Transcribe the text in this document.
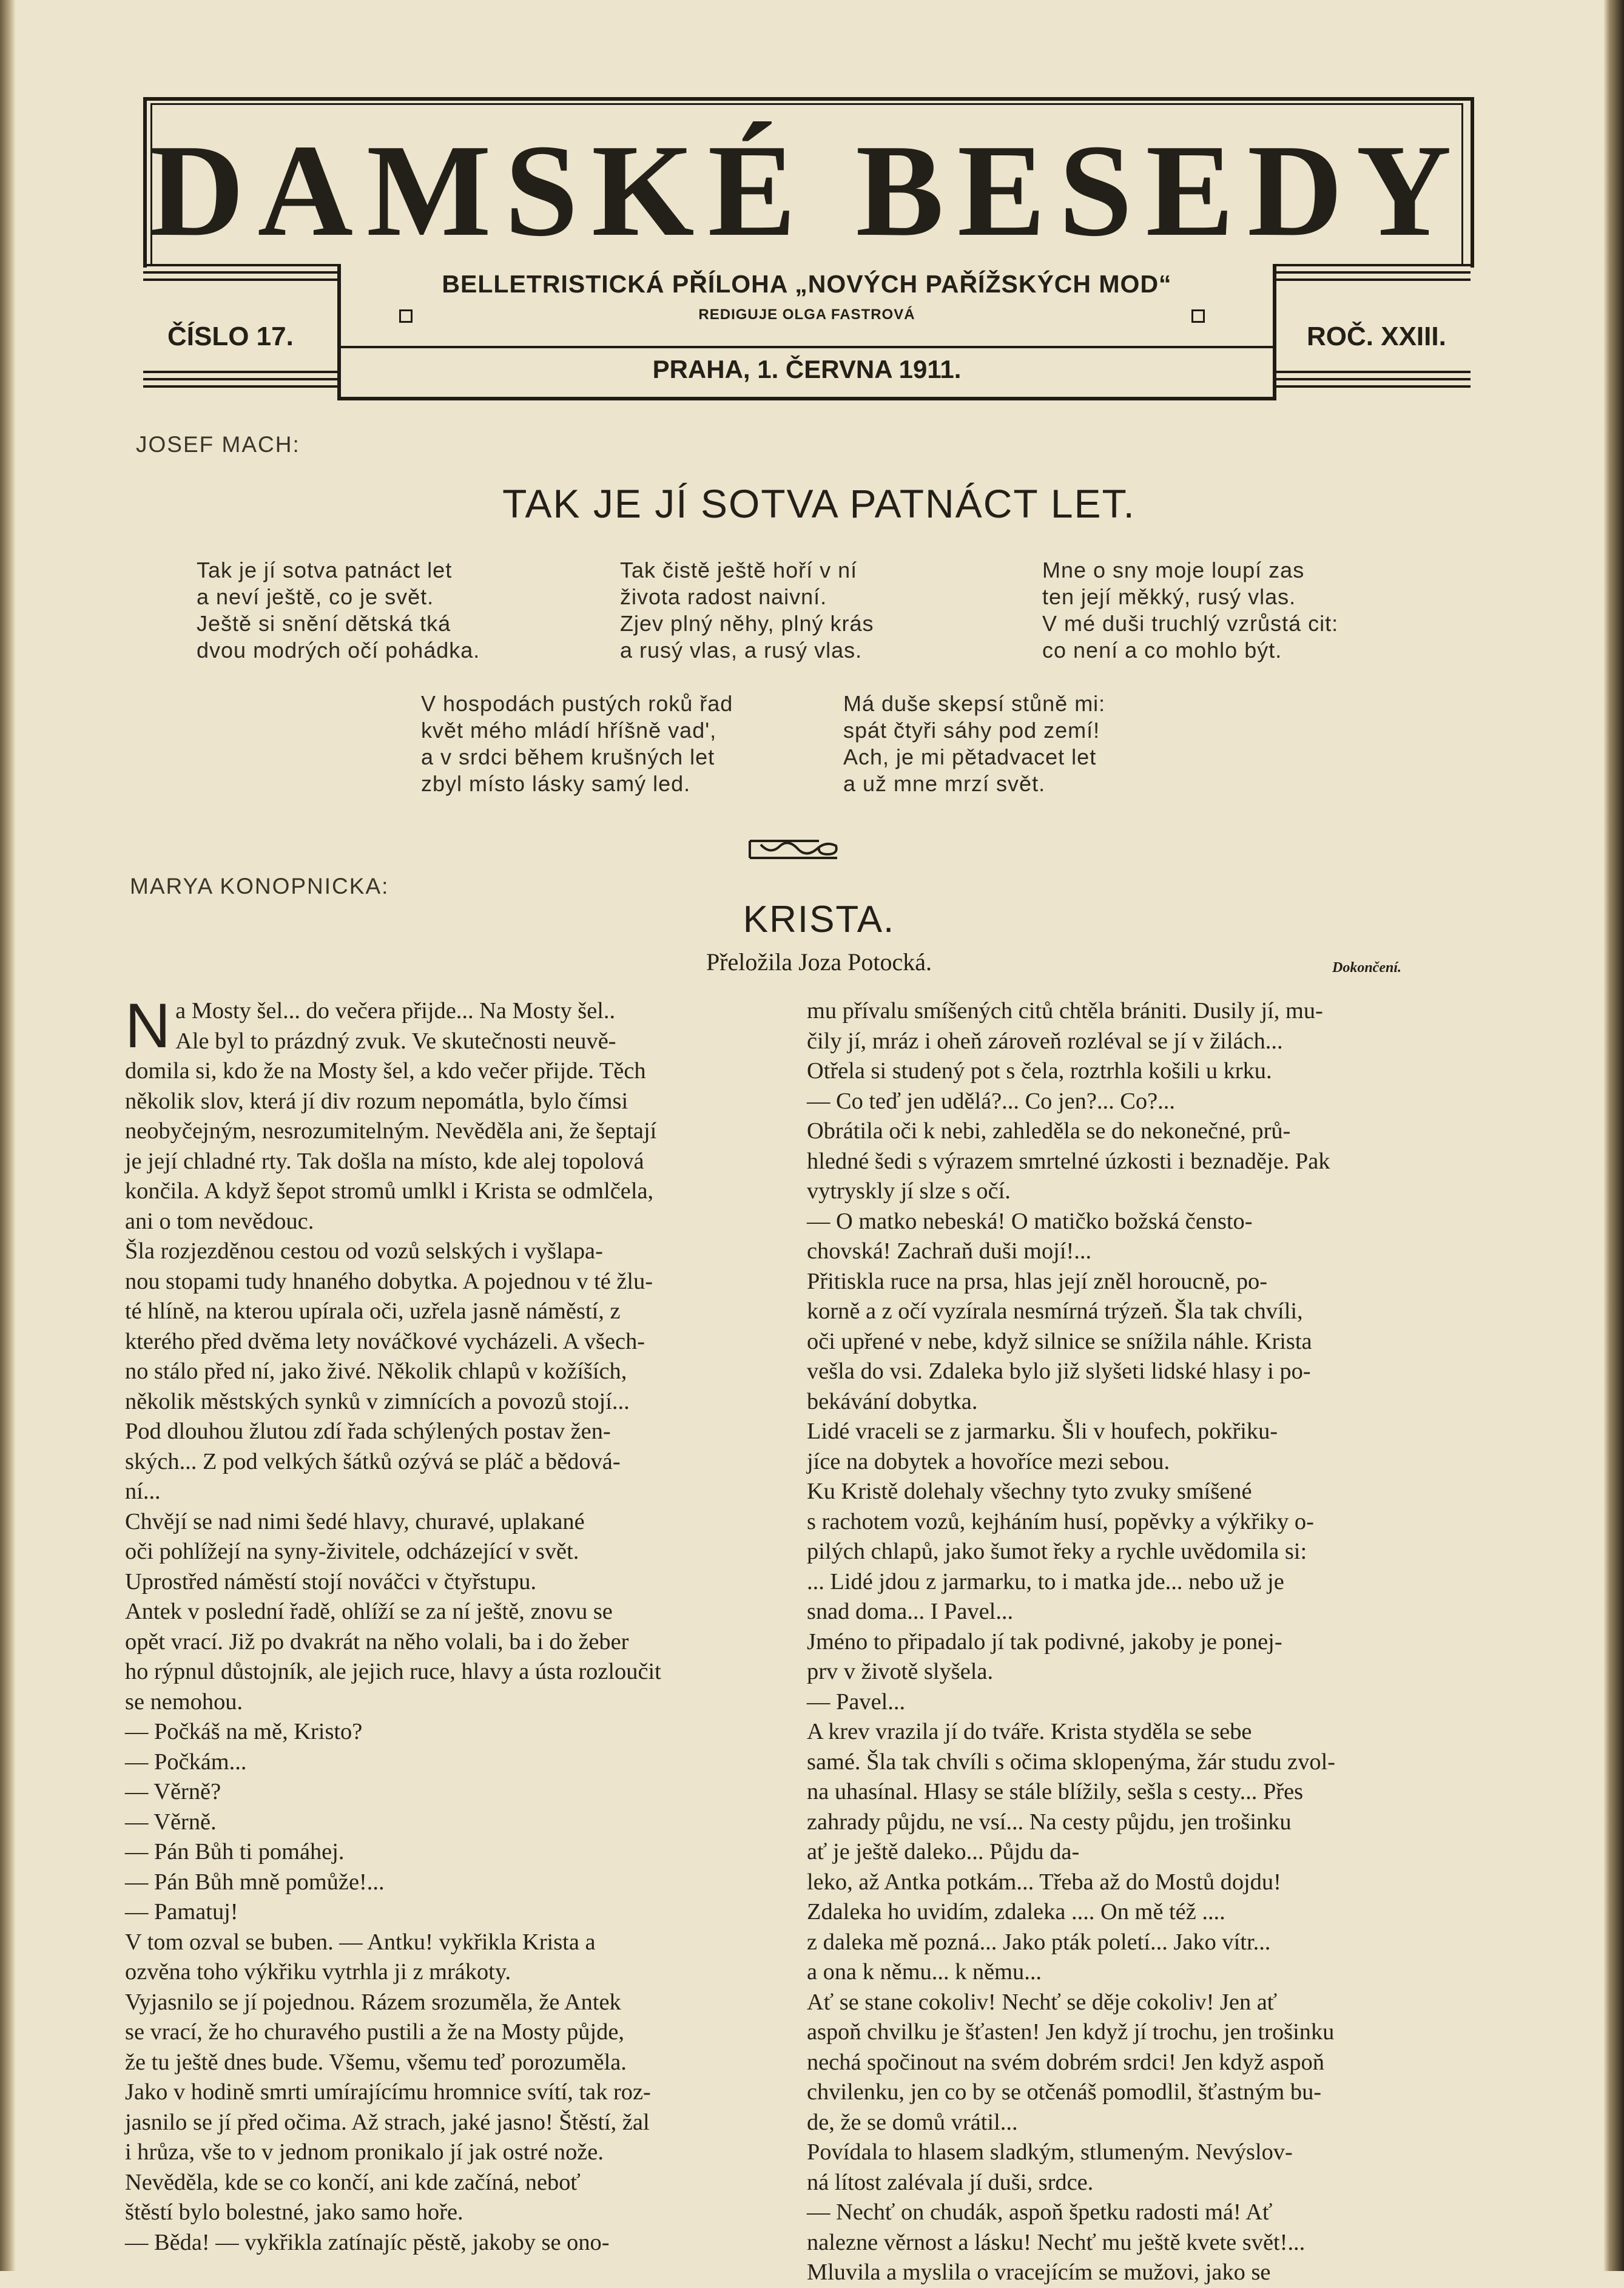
DAMSKÉ BESEDY
ČÍSLO 17.	ROČ. XXIII.
BELLETRISTICKÁ PŘÍLOHA „NOVÝCH PAŘÍŽSKÝCH MOD“
REDIGUJE OLGA FASTROVÁ
PRAHA, 1. ČERVNA 1911.
JOSEF MACH:
TAK JE JÍ SOTVA PATNÁCT LET.
Tak je jí sotva patnáct let
a neví ještě, co je svět.
Ještě si snění dětská tká
dvou modrých očí pohádka.
Tak čistě ještě hoří v ní
života radost naivní.
Zjev plný něhy, plný krás
a rusý vlas, a rusý vlas.
Mne o sny moje loupí zas
ten její měkký, rusý vlas.
V mé duši truchlý vzrůstá cit:
co není a co mohlo být.
V hospodách pustých roků řad
květ mého mládí hříšně vad',
a v srdci během krušných let
zbyl místo lásky samý led.
Má duše skepsí stůně mi:
spát čtyři sáhy pod zemí!
Ach, je mi pětadvacet let
a už mne mrzí svět.
MARYA KONOPNICKA:
KRISTA.
Přeložila Joza Potocká.	Dokončení.
N a Mosty šel... do večera přijde... Na Mosty šel..

Ale byl to prázdný zvuk. Ve skutečnosti neuvě-

domila si, kdo že na Mosty šel, a kdo večer přijde. Těch

několik slov, která jí div rozum nepomátla, bylo čímsi

neobyčejným, nesrozumitelným. Nevěděla ani, že šeptají

je její chladné rty. Tak došla na místo, kde alej topolová

končila. A když šepot stromů umlkl i Krista se odmlčela,

ani o tom nevědouc.

Šla rozjezděnou cestou od vozů selských i vyšlapa-

nou stopami tudy hnaného dobytka. A pojednou v té žlu-

té hlíně, na kterou upírala oči, uzřela jasně náměstí, z

kterého před dvěma lety nováčkové vycházeli. A všech-

no stálo před ní, jako živé. Několik chlapů v kožíších,

několik městských synků v zimnících a povozů stojí...

Pod dlouhou žlutou zdí řada schýlených postav žen-

ských... Z pod velkých šátků ozývá se pláč a bědová-

ní...

Chvějí se nad nimi šedé hlavy, churavé, uplakané

oči pohlížejí na syny-živitele, odcházející v svět.

Uprostřed náměstí stojí nováčci v čtyřstupu.

Antek v poslední řadě, ohlíží se za ní ještě, znovu se

opět vrací. Již po dvakrát na něho volali, ba i do žeber

ho rýpnul důstojník, ale jejich ruce, hlavy a ústa rozloučit

se nemohou.

— Počkáš na mě, Kristo?

— Počkám...

— Věrně?

— Věrně.

— Pán Bůh ti pomáhej.

— Pán Bůh mně pomůže!...

— Pamatuj!

V tom ozval se buben. — Antku! vykřikla Krista a

ozvěna toho výkřiku vytrhla ji z mrákoty.

Vyjasnilo se jí pojednou. Rázem srozuměla, že Antek

se vrací, že ho churavého pustili a že na Mosty půjde,

že tu ještě dnes bude. Všemu, všemu teď porozuměla.

Jako v hodině smrti umírajícímu hromnice svítí, tak roz-

jasnilo se jí před očima. Až strach, jaké jasno! Štěstí, žal

i hrůza, vše to v jednom pronikalo jí jak ostré nože.

Nevěděla, kde se co končí, ani kde začíná, neboť

štěstí bylo bolestné, jako samo hoře.

— Běda! — vykřikla zatínajíc pěstě, jakoby se ono-

mu přívalu smíšených citů chtěla brániti. Dusily jí, mu-

čily jí, mráz i oheň zároveň rozléval se jí v žilách...

Otřela si studený pot s čela, roztrhla košili u krku.

— Co teď jen udělá?... Co jen?... Co?...

Obrátila oči k nebi, zahleděla se do nekonečné, prů-

hledné šedi s výrazem smrtelné úzkosti i beznaděje. Pak

vytryskly jí slze s očí.

— O matko nebeská! O matičko božská čensto-

chovská! Zachraň duši mojí!...

Přitiskla ruce na prsa, hlas její zněl horoucně, po-

korně a z očí vyzírala nesmírná trýzeň. Šla tak chvíli,

oči upřené v nebe, když silnice se snížila náhle. Krista

vešla do vsi. Zdaleka bylo již slyšeti lidské hlasy i po-

bekávání dobytka.

Lidé vraceli se z jarmarku. Šli v houfech, pokřiku-

jíce na dobytek a hovoříce mezi sebou.

Ku Kristě dolehaly všechny tyto zvuky smíšené

s rachotem vozů, kejháním husí, popěvky a výkřiky o-

pilých chlapů, jako šumot řeky a rychle uvědomila si:

... Lidé jdou z jarmarku, to i matka jde... nebo už je

snad doma... I Pavel...

Jméno to připadalo jí tak podivné, jakoby je ponej-

prv v životě slyšela.

— Pavel...

A krev vrazila jí do tváře. Krista styděla se sebe

samé. Šla tak chvíli s očima sklopenýma, žár studu zvol-

na uhasínal. Hlasy se stále blížily, sešla s cesty... Přes

zahrady půjdu, ne vsí... Na cesty půjdu, jen trošinku

ať je ještě daleko... Půjdu da-

leko, až Antka potkám... Třeba až do Mostů dojdu!

Zdaleka ho uvidím, zdaleka .... On mě též ....

z daleka mě pozná... Jako pták poletí... Jako vítr...

a ona k němu... k němu...

Ať se stane cokoliv! Nechť se děje cokoliv! Jen ať

aspoň chvilku je šťasten! Jen když jí trochu, jen trošinku

nechá spočinout na svém dobrém srdci! Jen když aspoň

chvilenku, jen co by se otčenáš pomodlil, šťastným bu-

de, že se domů vrátil...

Povídala to hlasem sladkým, stlumeným. Nevýslov-

ná lítost zalévala jí duši, srdce.

— Nechť on chudák, aspoň špetku radosti má! Ať

nalezne věrnost a lásku! Nechť mu ještě kvete svět!...

Mluvila a myslila o vracejícím se mužovi, jako se
